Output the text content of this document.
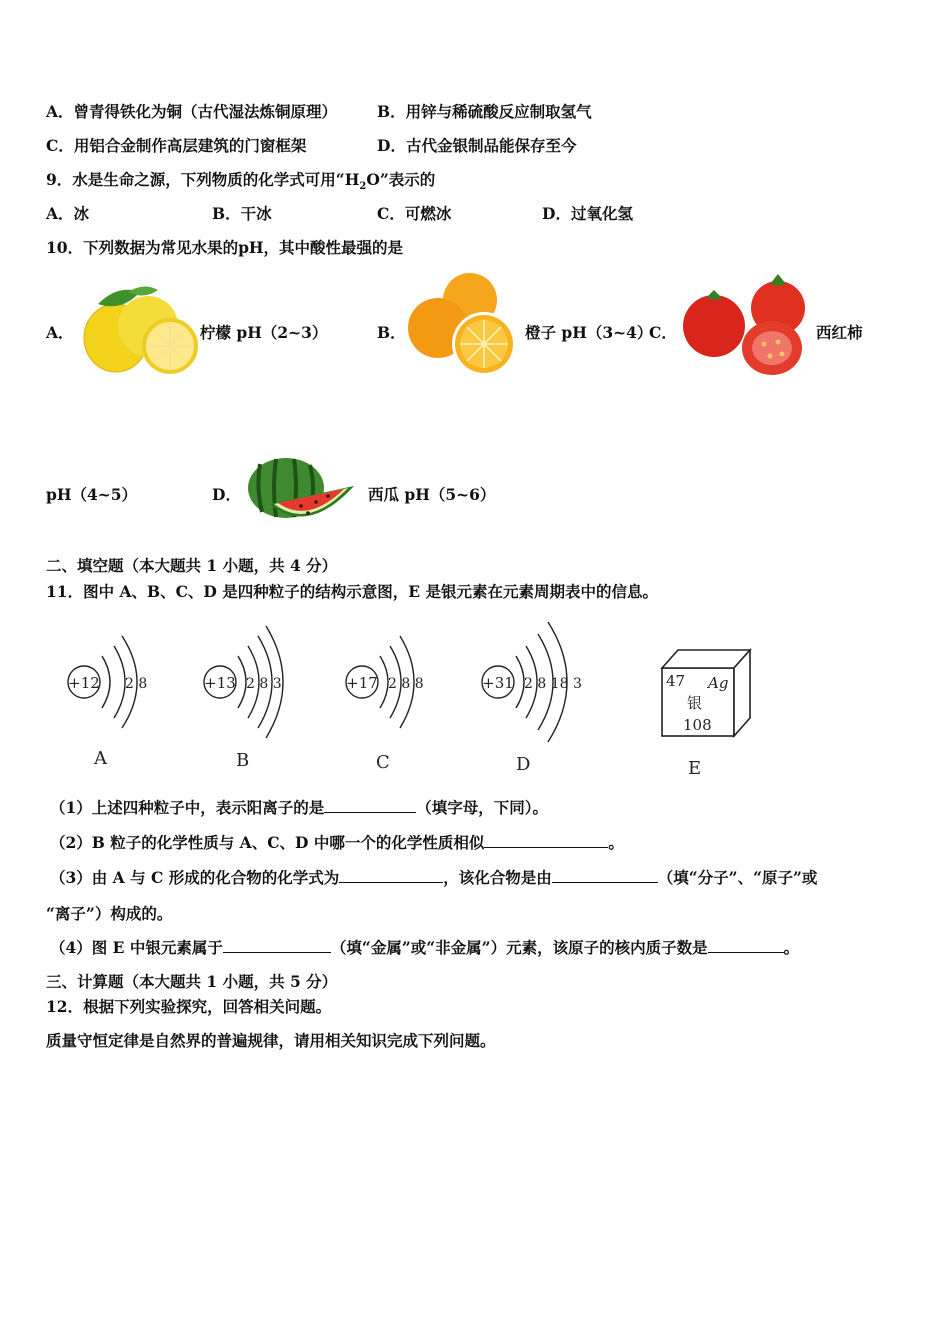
A．曾青得铁化为铜（古代湿法炼铜原理）	B．用锌与稀硫酸反应制取氢气
C．用铝合金制作高层建筑的门窗框架	D．古代金银制品能保存至今
9．水是生命之源，下列物质的化学式可用“$H_2O$”表示的
A．冰	B．干冰	C．可燃冰	D．过氧化氢
10．下列数据为常见水果的pH，其中酸性最强的是
A．	柠檬 pH（2~3）	B．	橙子 pH（3~4）
C．	西红柿
pH（4~5）	D．	西瓜 pH（5~6）
二、填空题（本大题共 1 小题，共 4 分）
11．图中 A、B、C、D 是四种粒子的结构示意图，E 是银元素在元素周期表中的信息。
+12 2 8
A
+13 2 8 3
B
+17 2 8 8
C
+31 2 8 18 3
D
47 Ag
银
108
E
（1）上述四种粒子中，表示阳离子的是	（填字母，下同）。
（2）B 粒子的化学性质与 A、C、D 中哪一个的化学性质相似	。
（3）由 A 与 C 形成的化合物的化学式为	，该化合物是由	（填“分子”、“原子”或
“离子”）构成的。
（4）图 E 中银元素属于	（填“金属”或“非金属”）元素，该原子的核内质子数是	。
三、计算题（本大题共 1 小题，共 5 分）
12．根据下列实验探究，回答相关问题。
质量守恒定律是自然界的普遍规律，请用相关知识完成下列问题。
